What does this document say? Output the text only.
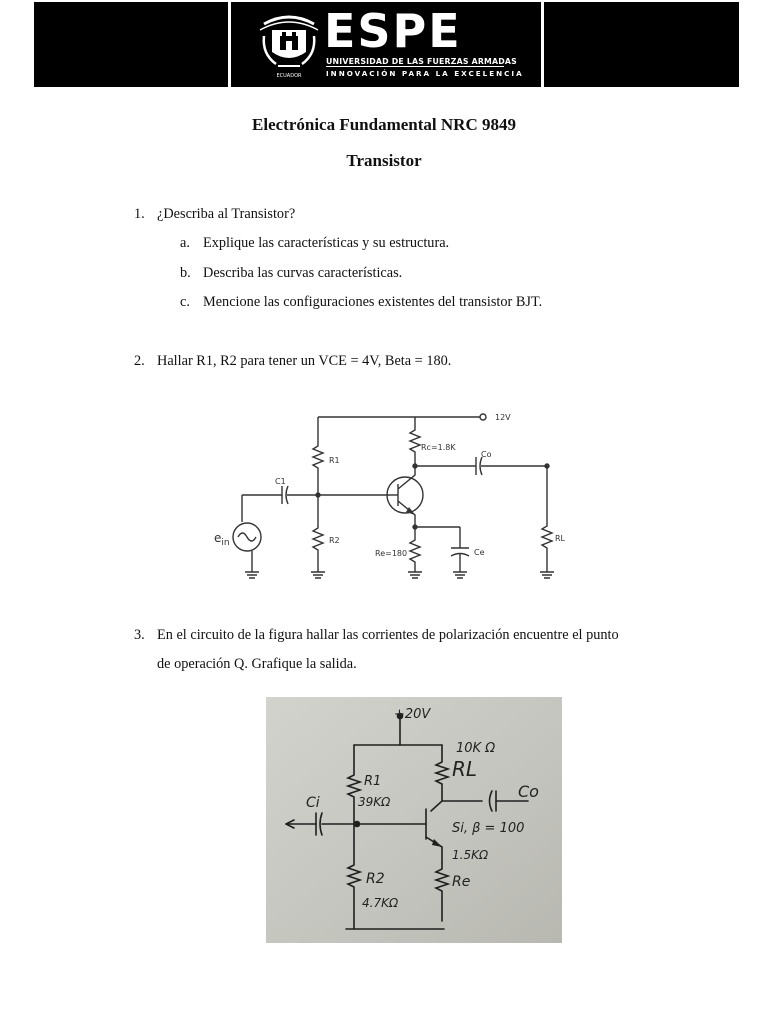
ECUADOR
ESPE
UNIVERSIDAD DE LAS FUERZAS ARMADAS
INNOVACIÓN PARA LA EXCELENCIA
Electrónica Fundamental NRC 9849
Transistor
1. ¿Describa al Transistor?
a. Explique las características y su estructura.
b. Describa las curvas características.
c. Mencione las configuraciones existentes del transistor BJT.
2. Hallar R1, R2 para tener un VCE = 4V, Beta = 180.
12V
R1
Rc=1.8K
Co
C1
R2
Re=180	Ce
RL
$e_{in}$
3. En el circuito de la figura hallar las corrientes de polarización encuentre el punto
de operación Q. Grafique la salida.
+20V
10K Ω
RL
R1
39KΩ
Ci
Co
Si, β = 100
1.5KΩ
R2	Re
4.7KΩ
